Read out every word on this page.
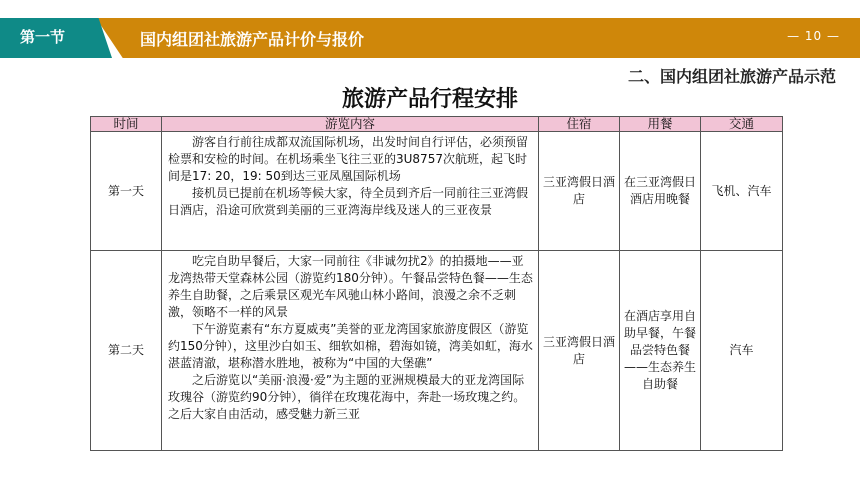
第一节	国内组团社旅游产品计价与报价	— 10 —
二、国内组团社旅游产品示范
旅游产品行程安排
时间	游览内容	住宿	用餐	交通
第一天	游客自行前往成都双流国际机场，出发时间自行评估，必须预留检票和安检的时间。在机场乘坐飞往三亚的3U8757次航班，起飞时间是17: 20，19: 50到达三亚凤凰国际机场

接机员已提前在机场等候大家，待全员到齐后一同前往三亚湾假日酒店，沿途可欣赏到美丽的三亚湾海岸线及迷人的三亚夜景	三亚湾假日酒店	在三亚湾假日酒店用晚餐	飞机、汽车
第二天	吃完自助早餐后，大家一同前往《非诚勿扰2》的拍摄地——亚龙湾热带天堂森林公园（游览约180分钟）。午餐品尝特色餐——生态养生自助餐，之后乘景区观光车风驰山林小路间，浪漫之余不乏刺激，领略不一样的风景

下午游览素有“东方夏威夷”美誉的亚龙湾国家旅游度假区（游览约150分钟），这里沙白如玉、细软如棉，碧海如镜，湾美如虹，海水湛蓝清澈，堪称潜水胜地，被称为“中国的大堡礁”

之后游览以“美丽·浪漫·爱”为主题的亚洲规模最大的亚龙湾国际玫瑰谷（游览约90分钟），徜徉在玫瑰花海中，奔赴一场玫瑰之约。之后大家自由活动，感受魅力新三亚	三亚湾假日酒店	在酒店享用自助早餐，午餐品尝特色餐——生态养生自助餐	汽车
